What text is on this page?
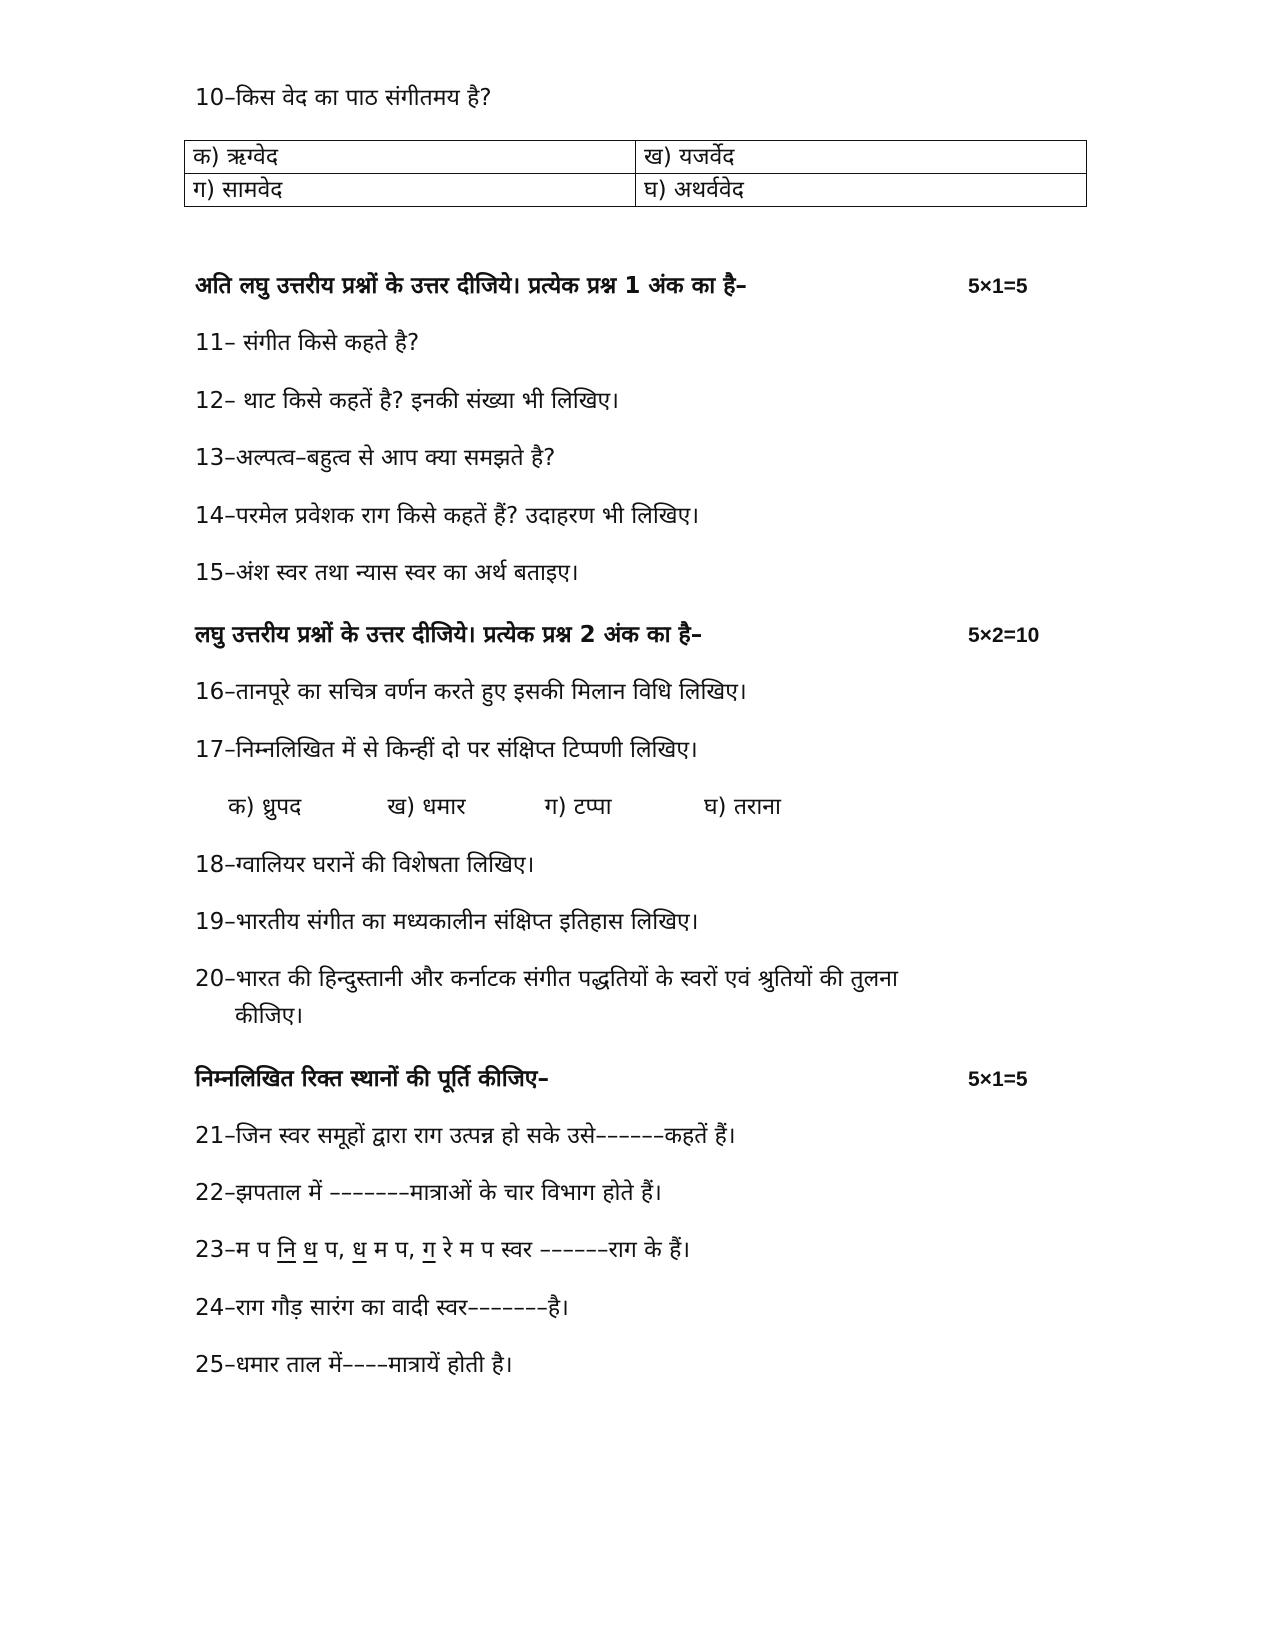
10–किस वेद का पाठ संगीतमय है?
क) ऋग्वेद	ख) यजर्वेद
ग) सामवेद	घ) अथर्ववेद
अति लघु उत्तरीय प्रश्नों के उत्तर दीजिये। प्रत्येक प्रश्न 1 अंक का है–	5×1=5
11– संगीत किसे कहते है?
12– थाट किसे कहतें है? इनकी संख्या भी लिखिए।
13–अल्पत्व–बहुत्व से आप क्या समझते है?
14–परमेल प्रवेशक राग किसे कहतें हैं? उदाहरण भी लिखिए।
15–अंश स्वर तथा न्यास स्वर का अर्थ बताइए।
लघु उत्तरीय प्रश्नों के उत्तर दीजिये। प्रत्येक प्रश्न 2 अंक का है–	5×2=10
16–तानपूरे का सचित्र वर्णन करते हुए इसकी मिलान विधि लिखिए।
17–निम्नलिखित में से किन्हीं दो पर संक्षिप्त टिप्पणी लिखिए।
क) ध्रुपद	ख) धमार	ग) टप्पा	घ) तराना
18–ग्वालियर घरानें की विशेषता लिखिए।
19–भारतीय संगीत का मध्यकालीन संक्षिप्त इतिहास लिखिए।
20–भारत की हिन्दुस्तानी और कर्नाटक संगीत पद्धतियों के स्वरों एवं श्रुतियों की तुलना
कीजिए।
निम्नलिखित रिक्त स्थानों की पूर्ति कीजिए–	5×1=5
21–जिन स्वर समूहों द्वारा राग उत्पन्न हो सके उसे––––––कहतें हैं।
22–झपताल में –––––––मात्राओं के चार विभाग होते हैं।
23–म प नि ध प, ध म प, ग रे म प स्वर ––––––राग के हैं।
24–राग गौड़ सारंग का वादी स्वर–––––––है।
25–धमार ताल में––––मात्रायें होती है।
